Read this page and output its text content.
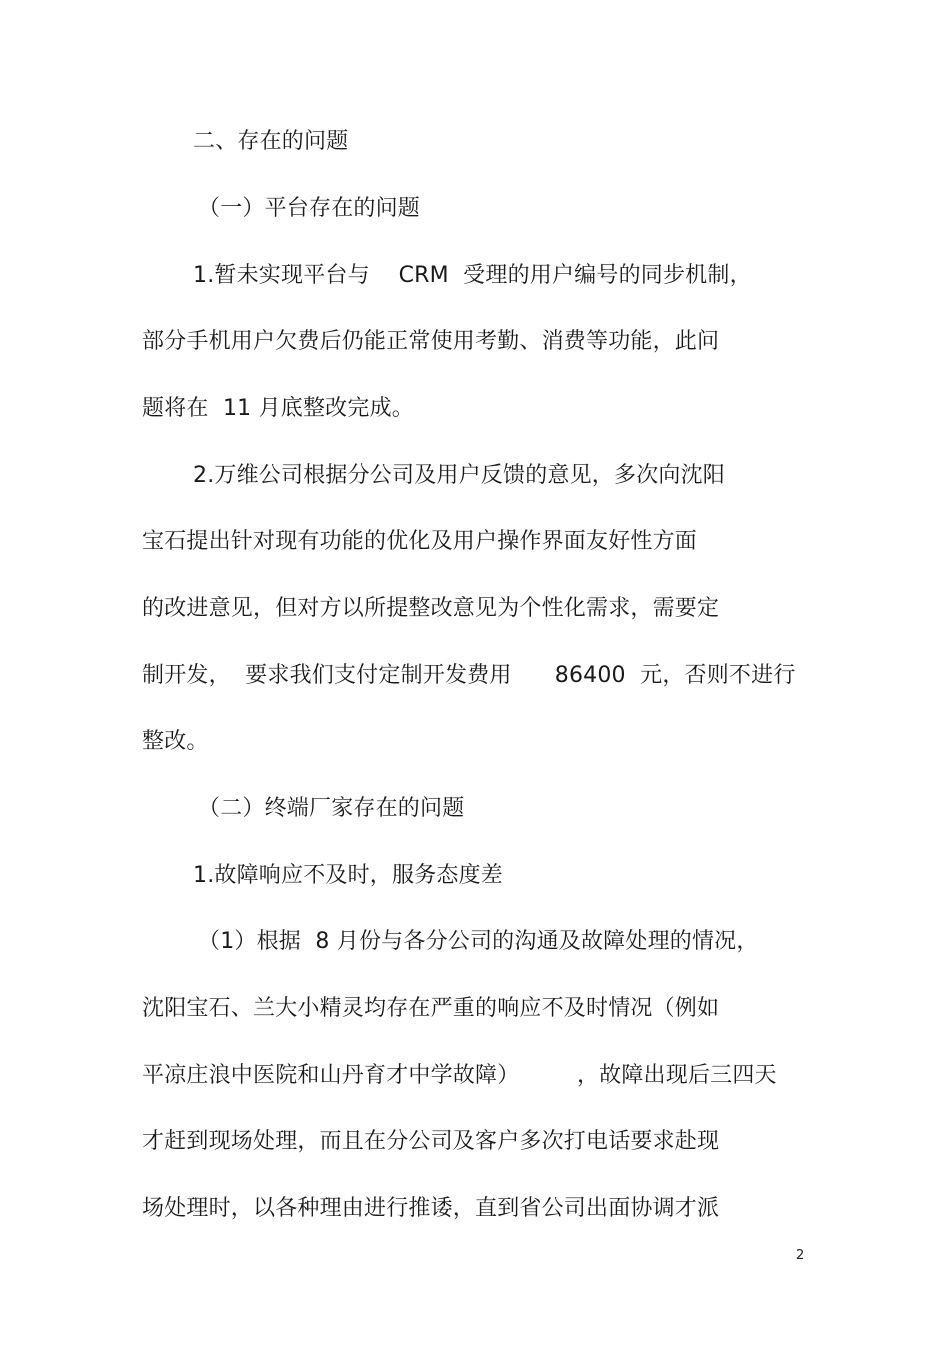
二、存在的问题
（一）平台存在的问题
1.暂未实现平台与    CRM  受理的用户编号的同步机制，
部分手机用户欠费后仍能正常使用考勤、消费等功能，此问
题将在  11 月底整改完成。
2.万维公司根据分公司及用户反馈的意见，多次向沈阳
宝石提出针对现有功能的优化及用户操作界面友好性方面
的改进意见，但对方以所提整改意见为个性化需求，需要定
制开发，  要求我们支付定制开发费用      86400  元，否则不进行
整改。
（二）终端厂家存在的问题
1.故障响应不及时，服务态度差
（1）根据  8 月份与各分公司的沟通及故障处理的情况，
沈阳宝石、兰大小精灵均存在严重的响应不及时情况（例如
平凉庄浪中医院和山丹育才中学故障）        ，故障出现后三四天
才赶到现场处理，而且在分公司及客户多次打电话要求赴现
场处理时，以各种理由进行推诿，直到省公司出面协调才派
2
